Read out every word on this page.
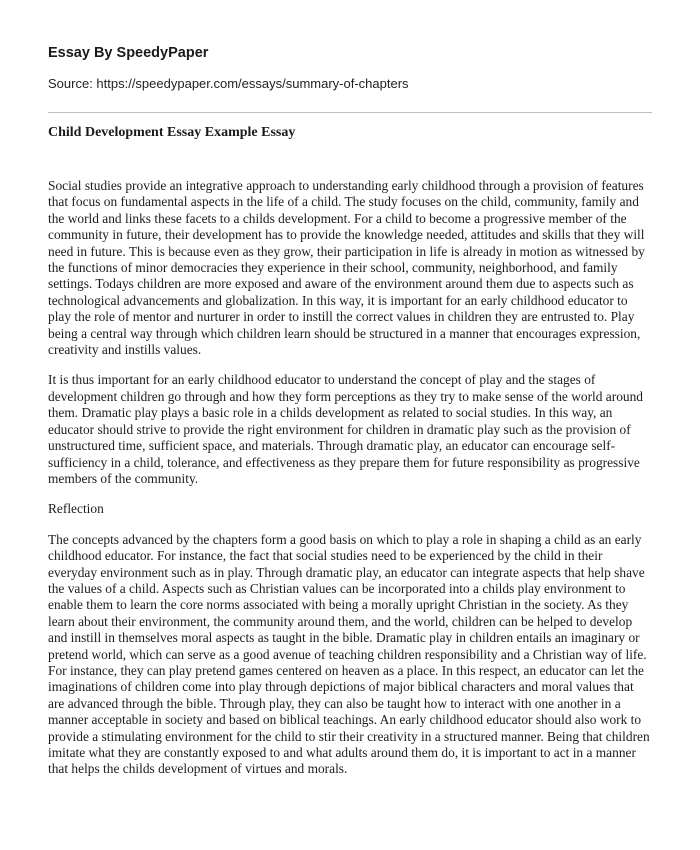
Essay By SpeedyPaper
Source: https://speedypaper.com/essays/summary-of-chapters
Child Development Essay Example Essay

Social studies provide an integrative approach to understanding early childhood through a provision of features that focus on fundamental aspects in the life of a child. The study focuses on the child, community, family and the world and links these facets to a childs development. For a child to become a progressive member of the community in future, their development has to provide the knowledge needed, attitudes and skills that they will need in future. This is because even as they grow, their participation in life is already in motion as witnessed by the functions of minor democracies they experience in their school, community, neighborhood, and family settings. Todays children are more exposed and aware of the environment around them due to aspects such as technological advancements and globalization. In this way, it is important for an early childhood educator to play the role of mentor and nurturer in order to instill the correct values in children they are entrusted to. Play being a central way through which children learn should be structured in a manner that encourages expression, creativity and instills values.

It is thus important for an early childhood educator to understand the concept of play and the stages of development children go through and how they form perceptions as they try to make sense of the world around them. Dramatic play plays a basic role in a childs development as related to social studies. In this way, an educator should strive to provide the right environment for children in dramatic play such as the provision of unstructured time, sufficient space, and materials. Through dramatic play, an educator can encourage self-sufficiency in a child, tolerance, and effectiveness as they prepare them for future responsibility as progressive members of the community.

Reflection

The concepts advanced by the chapters form a good basis on which to play a role in shaping a child as an early childhood educator. For instance, the fact that social studies need to be experienced by the child in their everyday environment such as in play. Through dramatic play, an educator can integrate aspects that help shave the values of a child. Aspects such as Christian values can be incorporated into a childs play environment to enable them to learn the core norms associated with being a morally upright Christian in the society. As they learn about their environment, the community around them, and the world, children can be helped to develop and instill in themselves moral aspects as taught in the bible. Dramatic play in children entails an imaginary or pretend world, which can serve as a good avenue of teaching children responsibility and a Christian way of life. For instance, they can play pretend games centered on heaven as a place. In this respect, an educator can let the imaginations of children come into play through depictions of major biblical characters and moral values that are advanced through the bible. Through play, they can also be taught how to interact with one another in a manner acceptable in society and based on biblical teachings. An early childhood educator should also work to provide a stimulating environment for the child to stir their creativity in a structured manner. Being that children imitate what they are constantly exposed to and what adults around them do, it is important to act in a manner that helps the childs development of virtues and morals.
